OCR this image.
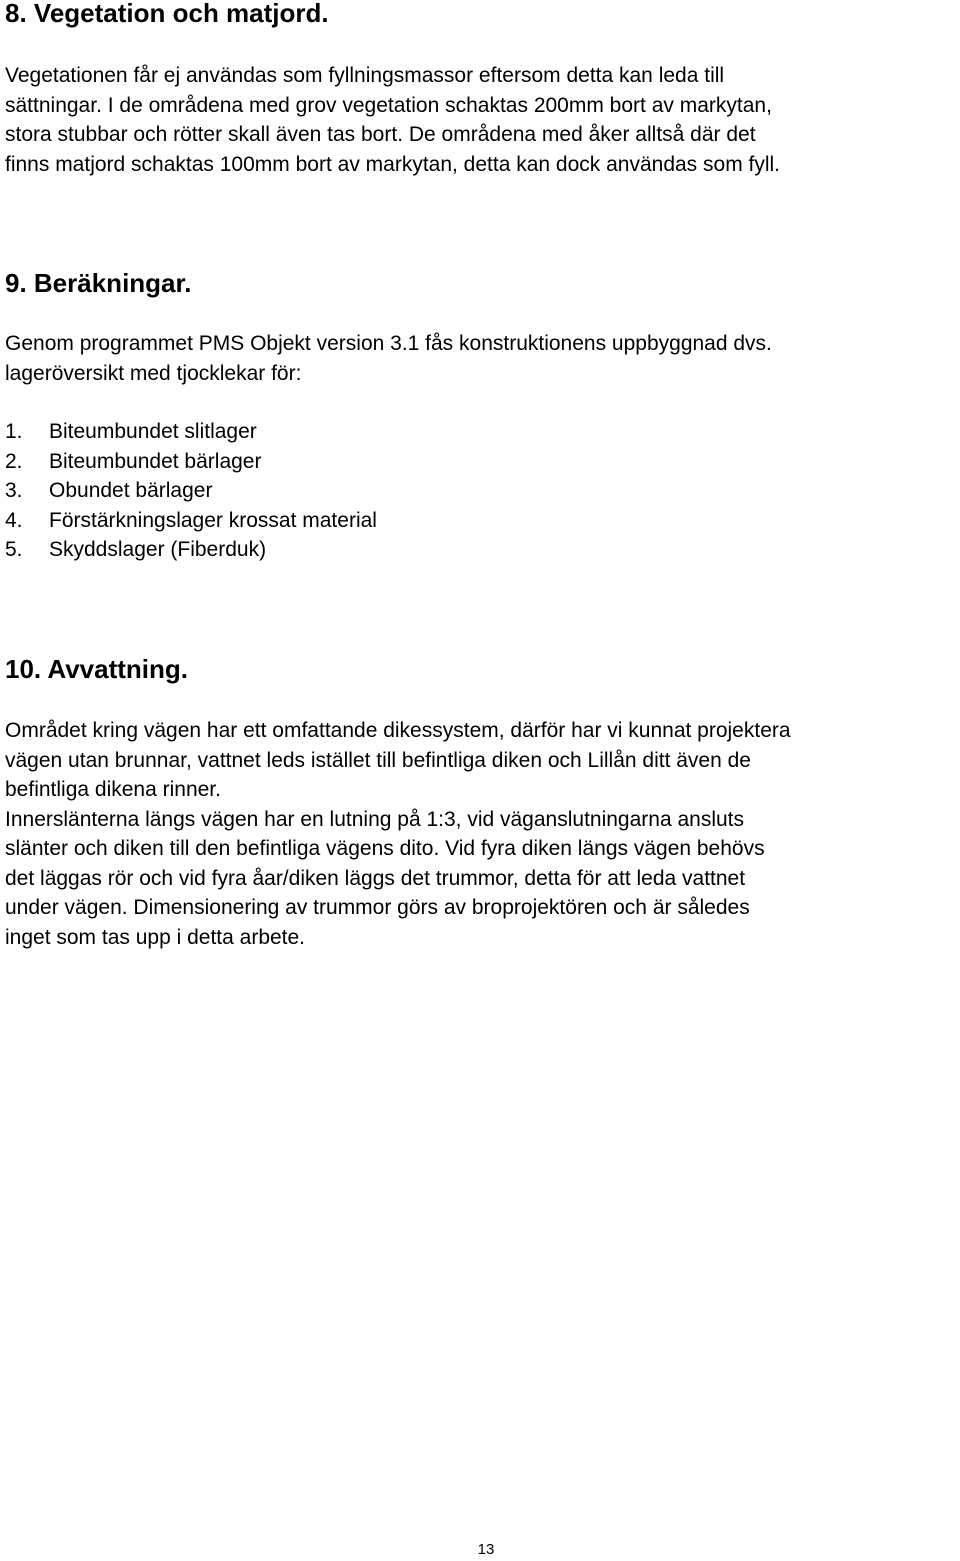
8. Vegetation och matjord.
Vegetationen får ej användas som fyllningsmassor eftersom detta kan leda till
sättningar. I de områdena med grov vegetation schaktas 200mm bort av markytan,
stora stubbar och rötter skall även tas bort. De områdena med åker alltså där det
finns matjord schaktas 100mm bort av markytan, detta kan dock användas som fyll.
9. Beräkningar.
Genom programmet PMS Objekt version 3.1 fås konstruktionens uppbyggnad dvs.
lageröversikt med tjocklekar för:
1. Biteumbundet slitlager
2. Biteumbundet bärlager
3. Obundet bärlager
4. Förstärkningslager krossat material
5. Skyddslager (Fiberduk)
10. Avvattning.
Området kring vägen har ett omfattande dikessystem, därför har vi kunnat projektera
vägen utan brunnar, vattnet leds istället till befintliga diken och Lillån ditt även de
befintliga dikena rinner.
Innerslänterna längs vägen har en lutning på 1:3, vid väganslutningarna ansluts
slänter och diken till den befintliga vägens dito. Vid fyra diken längs vägen behövs
det läggas rör och vid fyra åar/diken läggs det trummor, detta för att leda vattnet
under vägen. Dimensionering av trummor görs av broprojektören och är således
inget som tas upp i detta arbete.
13
